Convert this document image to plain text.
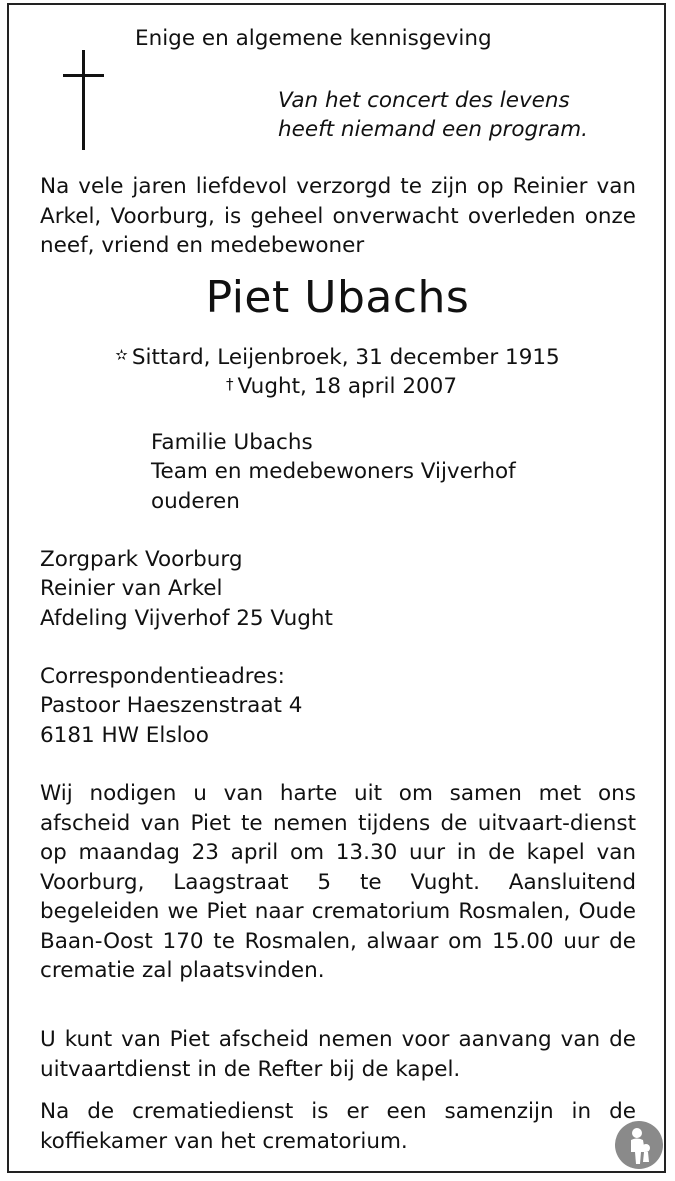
Enige en algemene kennisgeving
Van het concert des levens
heeft niemand een program.
Na vele jaren liefdevol verzorgd te zijn op Reinier van Arkel, Voorburg, is geheel onverwacht overleden onze neef, vriend en medebewoner
Piet Ubachs
✫ Sittard, Leijenbroek, 31 december 1915
† Vught, 18 april 2007
Familie Ubachs
Team en medebewoners Vijverhof
ouderen
Zorgpark Voorburg
Reinier van Arkel
Afdeling Vijverhof 25 Vught
Correspondentieadres:
Pastoor Haeszenstraat 4
6181 HW Elsloo
Wij nodigen u van harte uit om samen met ons afscheid van Piet te nemen tijdens de uitvaart-dienst op maandag 23 april om 13.30 uur in de kapel van Voorburg, Laagstraat 5 te Vught. Aansluitend begeleiden we Piet naar crematorium Rosmalen, Oude Baan-Oost 170 te Rosmalen, alwaar om 15.00 uur de crematie zal plaatsvinden.
U kunt van Piet afscheid nemen voor aanvang van de uitvaartdienst in de Refter bij de kapel.
Na de crematiedienst is er een samenzijn in de koffiekamer van het crematorium.
